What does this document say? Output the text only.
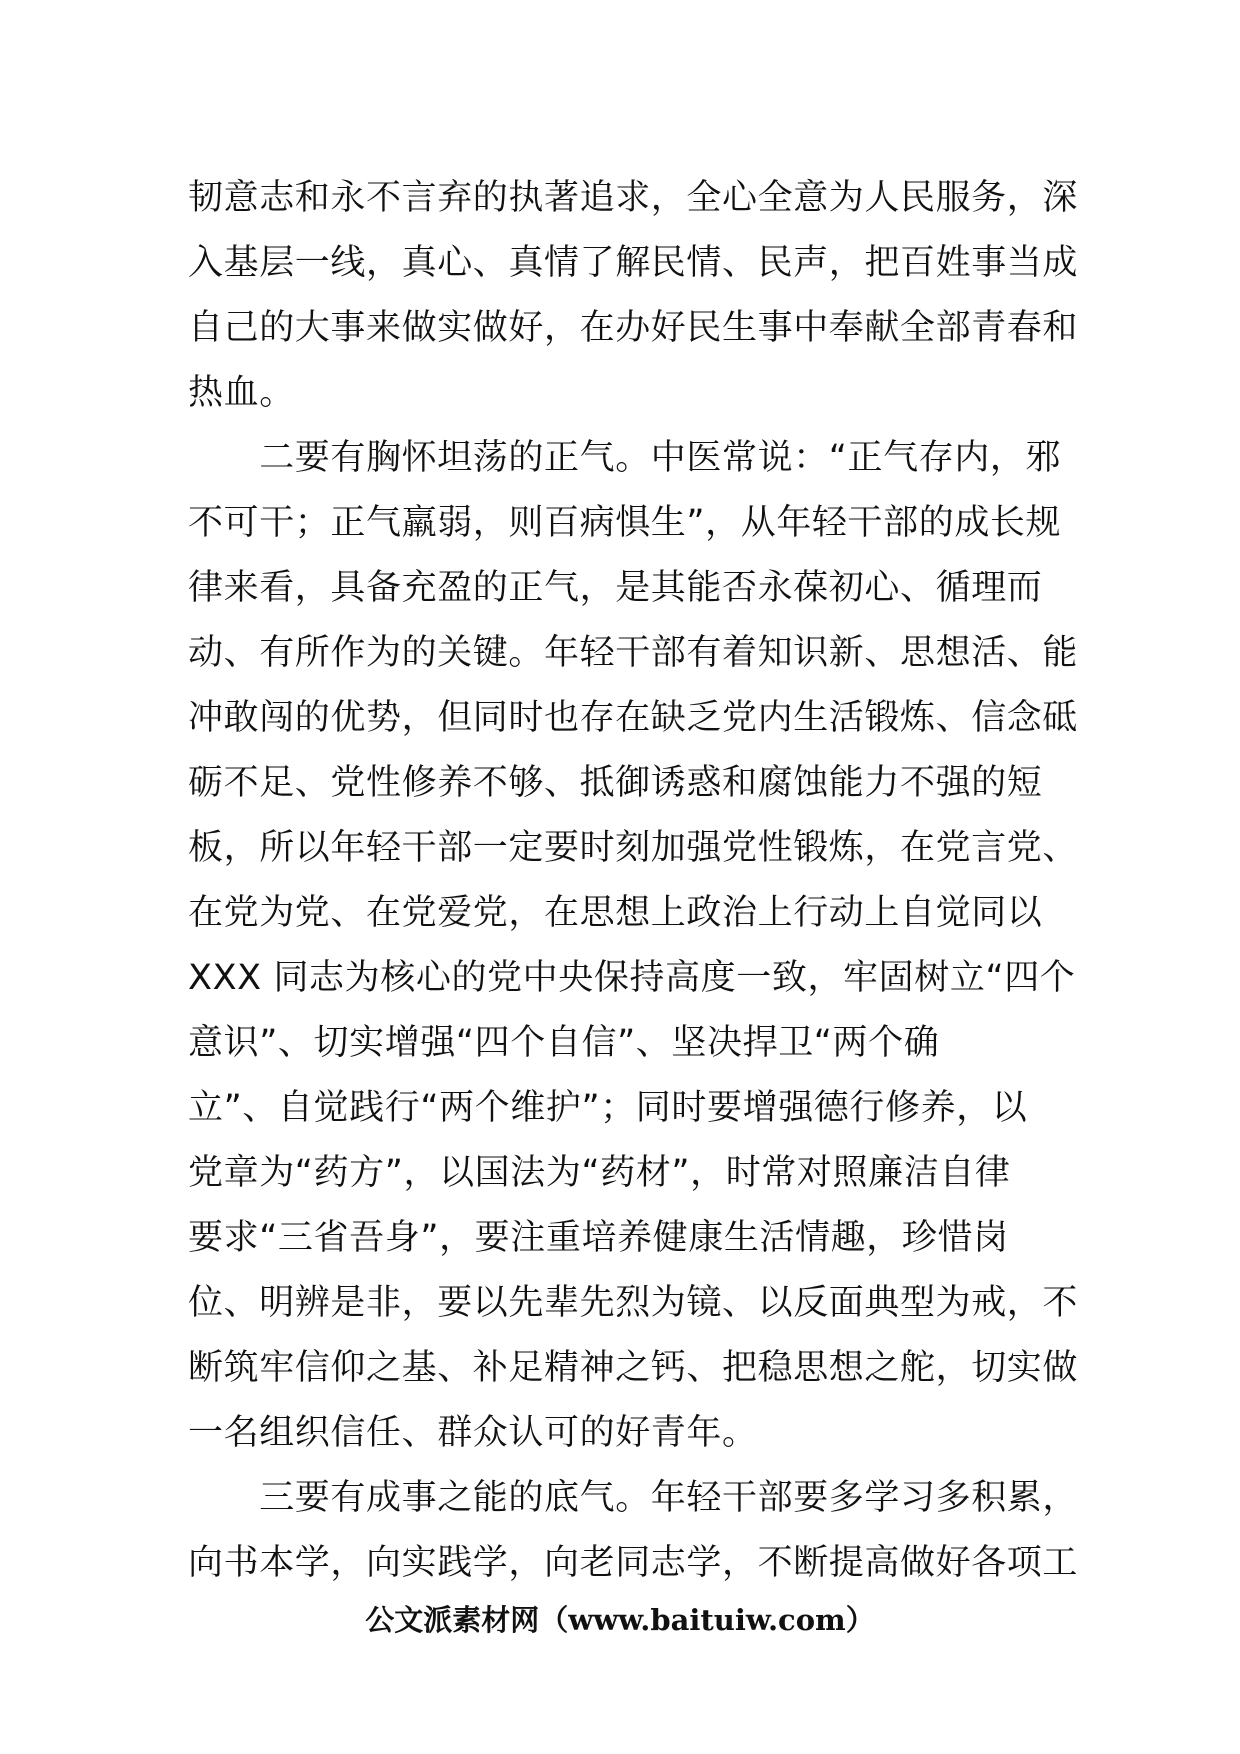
韧意志和永不言弃的执著追求，全心全意为人民服务，深
入基层一线，真心、真情了解民情、民声，把百姓事当成
自己的大事来做实做好，在办好民生事中奉献全部青春和
热血。
　　二要有胸怀坦荡的正气。中医常说：“正气存内，邪
不可干；正气羸弱，则百病惧生”，从年轻干部的成长规
律来看，具备充盈的正气，是其能否永葆初心、循理而
动、有所作为的关键。年轻干部有着知识新、思想活、能
冲敢闯的优势，但同时也存在缺乏党内生活锻炼、信念砥
砺不足、党性修养不够、抵御诱惑和腐蚀能力不强的短
板，所以年轻干部一定要时刻加强党性锻炼，在党言党、
在党为党、在党爱党，在思想上政治上行动上自觉同以
XXX 同志为核心的党中央保持高度一致，牢固树立“四个
意识”、切实增强“四个自信”、坚决捍卫“两个确
立”、自觉践行“两个维护”；同时要增强德行修养，以
党章为“药方”，以国法为“药材”，时常对照廉洁自律
要求“三省吾身”，要注重培养健康生活情趣，珍惜岗
位、明辨是非，要以先辈先烈为镜、以反面典型为戒，不
断筑牢信仰之基、补足精神之钙、把稳思想之舵，切实做
一名组织信任、群众认可的好青年。
　　三要有成事之能的底气。年轻干部要多学习多积累，
向书本学，向实践学，向老同志学，不断提高做好各项工
公文派素材网（www.baituiw.com）
